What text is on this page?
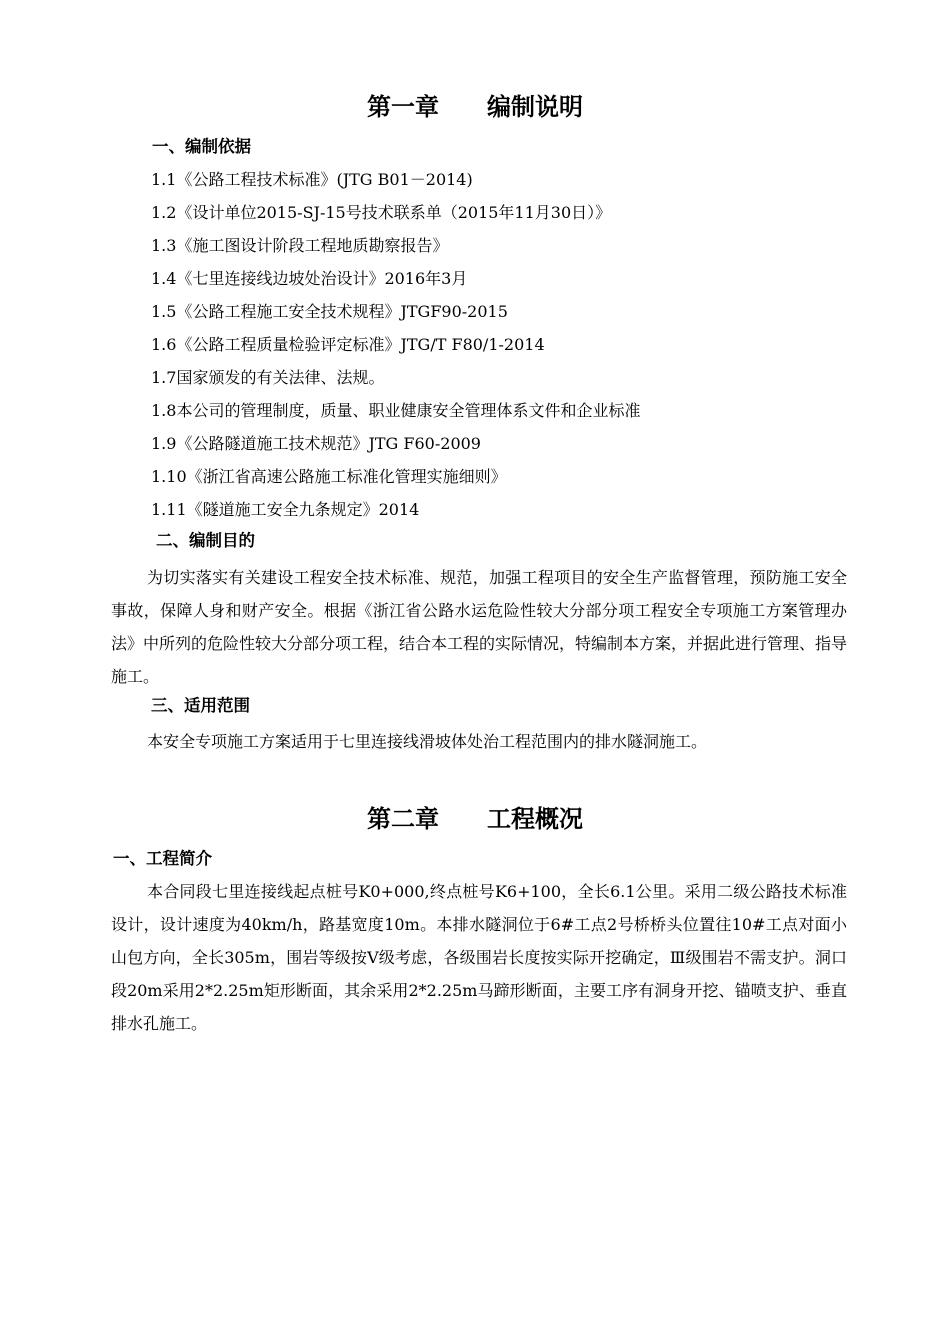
第一章　　编制说明
一、编制依据
1.1《公路工程技术标准》(JTG B01－2014)
1.2《设计单位2015-SJ-15号技术联系单（2015年11月30日）》
1.3《施工图设计阶段工程地质勘察报告》
1.4《七里连接线边坡处治设计》2016年3月
1.5《公路工程施工安全技术规程》JTGF90-2015
1.6《公路工程质量检验评定标准》JTG/T F80/1-2014
1.7国家颁发的有关法律、法规。
1.8本公司的管理制度，质量、职业健康安全管理体系文件和企业标准
1.9《公路隧道施工技术规范》JTG F60-2009
1.10《浙江省高速公路施工标准化管理实施细则》
1.11《隧道施工安全九条规定》2014
二、编制目的

为切实落实有关建设工程安全技术标准、规范，加强工程项目的安全生产监督管理，预防施工安全事故，保障人身和财产安全。根据《浙江省公路水运危险性较大分部分项工程安全专项施工方案管理办法》中所列的危险性较大分部分项工程，结合本工程的实际情况，特编制本方案，并据此进行管理、指导施工。

三、适用范围

本安全专项施工方案适用于七里连接线滑坡体处治工程范围内的排水隧洞施工。

第二章　　工程概况
一、工程简介

本合同段七里连接线起点桩号K0+000,终点桩号K6+100，全长6.1公里。采用二级公路技术标准设计，设计速度为40km/h，路基宽度10m。本排水隧洞位于6#工点2号桥桥头位置往10#工点对面小山包方向，全长305m，围岩等级按Ⅴ级考虑，各级围岩长度按实际开挖确定，Ⅲ级围岩不需支护。洞口段20m采用2*2.25m矩形断面，其余采用2*2.25m马蹄形断面，主要工序有洞身开挖、锚喷支护、垂直排水孔施工。
